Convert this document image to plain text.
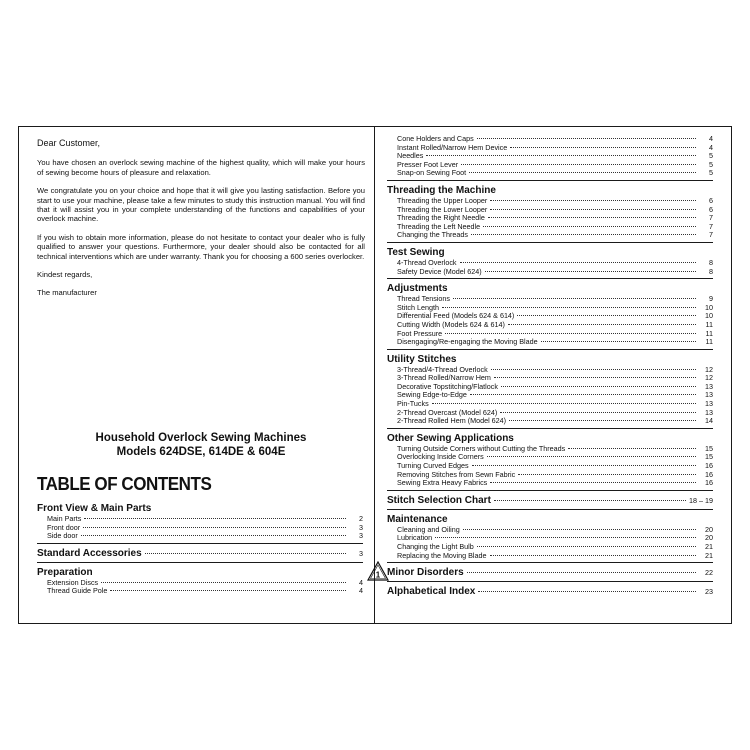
Dear Customer,

You have chosen an overlock sewing machine of the highest quality, which will make your hours of sewing become hours of pleasure and relaxation.

We congratulate you on your choice and hope that it will give you lasting satisfaction. Before you start to use your machine, please take a few minutes to study this instruction manual. You will find that it will assist you in your complete understanding of the functions and capabilities of your overlock machine.

If you wish to obtain more information, please do not hesitate to contact your dealer who is fully qualified to answer your questions. Furthermore, your dealer should also be contacted for all technical interventions which are under warranty. Thank you for choosing a 600 series overlocker.

Kindest regards,

The manufacturer

Household Overlock Sewing Machines
Models 624DSE, 614DE & 604E
TABLE OF CONTENTS
Front View & Main Parts
Main Parts	2
Front door	3
Side door	3
Standard Accessories	3
Preparation
Extension Discs	4
Thread Guide Pole	4
Cone Holders and Caps	4
Instant Rolled/Narrow Hem Device	4
Needles	5
Presser Foot Lever	5
Snap-on Sewing Foot	5
Threading the Machine
Threading the Upper Looper	6
Threading the Lower Looper	6
Threading the Right Needle	7
Threading the Left Needle	7
Changing the Threads	7
Test Sewing
4-Thread Overlock	8
Safety Device (Model 624)	8
Adjustments
Thread Tensions	9
Stitch Length	10
Differential Feed (Models 624 & 614)	10
Cutting Width (Models 624 & 614)	11
Foot Pressure	11
Disengaging/Re-engaging the Moving Blade	11
Utility Stitches
3-Thread/4-Thread Overlock	12
3-Thread Rolled/Narrow Hem	12
Decorative Topstitching/Flatlock	13
Sewing Edge-to-Edge	13
Pin-Tucks	13
2-Thread Overcast (Model 624)	13
2-Thread Rolled Hem (Model 624)	14
Other Sewing Applications
Turning Outside Corners without Cutting the Threads	15
Overlocking Inside Corners	15
Turning Curved Edges	16
Removing Stitches from Sewn Fabric	16
Sewing Extra Heavy Fabrics	16
Stitch Selection Chart	18 – 19
Maintenance
Cleaning and Oiling	20
Lubrication	20
Changing the Light Bulb	21
Replacing the Moving Blade	21
Minor Disorders	22
Alphabetical Index	23
1
